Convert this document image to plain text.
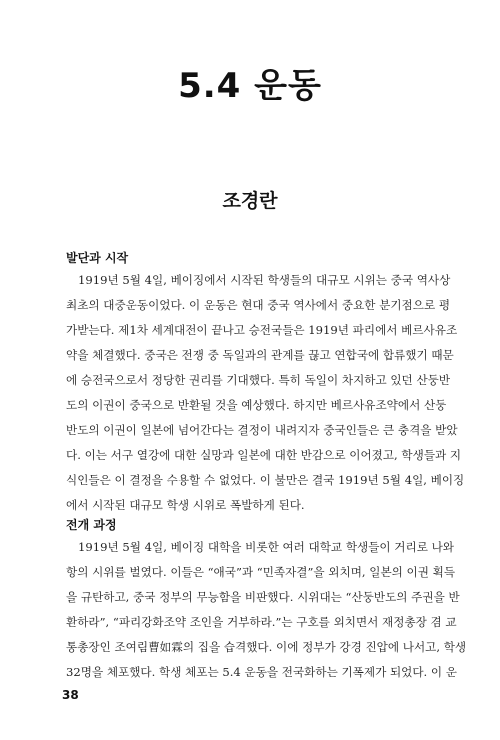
5.4 운동
조경란
발단과 시작
1919년 5월 4일, 베이징에서 시작된 학생들의 대규모 시위는 중국 역사상
최초의 대중운동이었다. 이 운동은 현대 중국 역사에서 중요한 분기점으로 평
가받는다. 제1차 세계대전이 끝나고 승전국들은 1919년 파리에서 베르사유조
약을 체결했다. 중국은 전쟁 중 독일과의 관계를 끊고 연합국에 합류했기 때문
에 승전국으로서 정당한 권리를 기대했다. 특히 독일이 차지하고 있던 산둥반
도의 이권이 중국으로 반환될 것을 예상했다. 하지만 베르사유조약에서 산둥
반도의 이권이 일본에 넘어간다는 결정이 내려지자 중국인들은 큰 충격을 받았
다. 이는 서구 열강에 대한 실망과 일본에 대한 반감으로 이어졌고, 학생들과 지
식인들은 이 결정을 수용할 수 없었다. 이 불만은 결국 1919년 5월 4일, 베이징
에서 시작된 대규모 학생 시위로 폭발하게 된다.
전개 과정
1919년 5월 4일, 베이징 대학을 비롯한 여러 대학교 학생들이 거리로 나와
항의 시위를 벌였다. 이들은 “애국”과 “민족자결”을 외치며, 일본의 이권 획득
을 규탄하고, 중국 정부의 무능함을 비판했다. 시위대는 “산둥반도의 주권을 반
환하라”, “파리강화조약 조인을 거부하라.”는 구호를 외치면서 재정총장 겸 교
통총장인 조여림曹如霖의 집을 습격했다. 이에 정부가 강경 진압에 나서고, 학생
32명을 체포했다. 학생 체포는 5.4 운동을 전국화하는 기폭제가 되었다. 이 운
38
